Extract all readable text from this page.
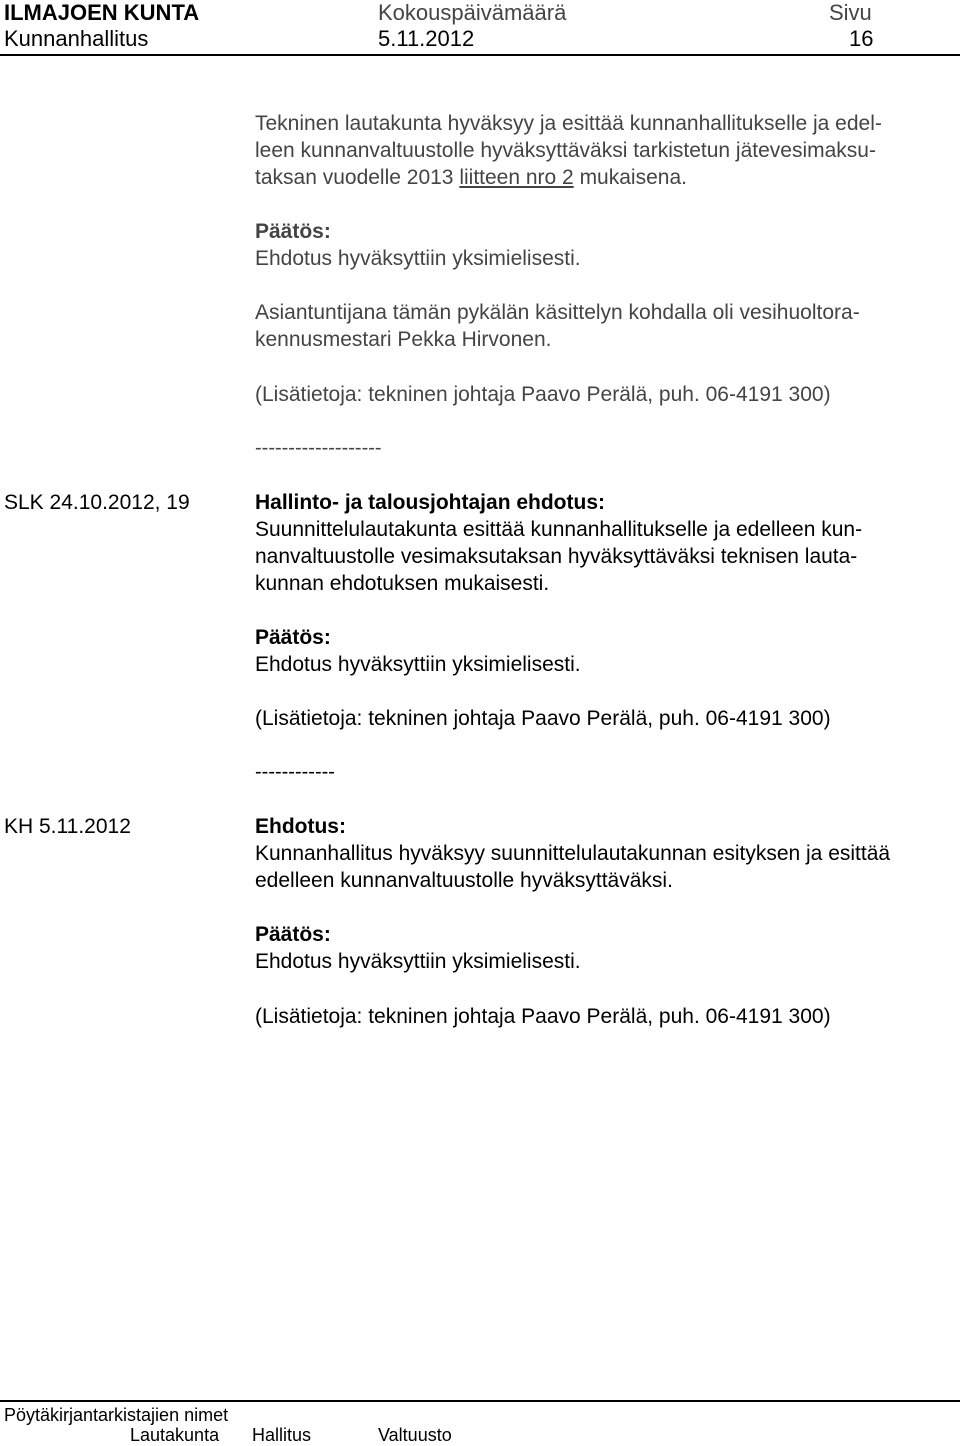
ILMAJOEN KUNTA	Kokouspäivämäärä	Sivu
Kunnanhallitus	5.11.2012	16
Tekninen lautakunta hyväksyy ja esittää kunnanhallitukselle ja edel-
leen kunnanvaltuustolle hyväksyttäväksi tarkistetun jätevesimaksu-
taksan vuodelle 2013 liitteen nro 2 mukaisena.
Päätös:
Ehdotus hyväksyttiin yksimielisesti.
Asiantuntijana tämän pykälän käsittelyn kohdalla oli vesihuoltora-
kennusmestari Pekka Hirvonen.
(Lisätietoja: tekninen johtaja Paavo Perälä, puh. 06-4191 300)
-------------------
SLK 24.10.2012, 19	Hallinto- ja talousjohtajan ehdotus:
Suunnittelulautakunta esittää kunnanhallitukselle ja edelleen kun-
nanvaltuustolle vesimaksutaksan hyväksyttäväksi teknisen lauta-
kunnan ehdotuksen mukaisesti.
Päätös:
Ehdotus hyväksyttiin yksimielisesti.
(Lisätietoja: tekninen johtaja Paavo Perälä, puh. 06-4191 300)
------------
KH 5.11.2012	Ehdotus:
Kunnanhallitus hyväksyy suunnittelulautakunnan esityksen ja esittää
edelleen kunnanvaltuustolle hyväksyttäväksi.
Päätös:
Ehdotus hyväksyttiin yksimielisesti.
(Lisätietoja: tekninen johtaja Paavo Perälä, puh. 06-4191 300)
Pöytäkirjantarkistajien nimet
Lautakunta Hallitus	Valtuusto
